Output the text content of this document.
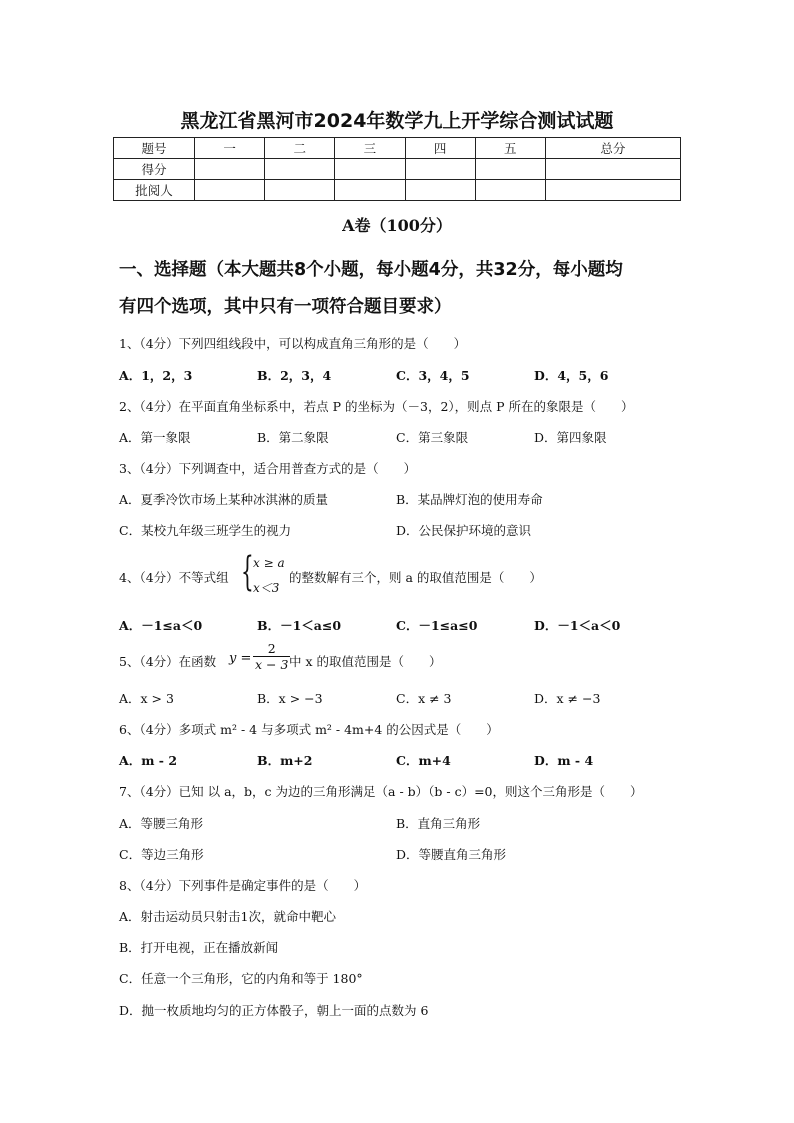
黑龙江省黑河市2024年数学九上开学综合测试试题
题号	一	二	三	四	五	总分
得分						
批阅人						
A卷（100分）
一、选择题（本大题共8个小题，每小题4分，共32分，每小题均
有四个选项，其中只有一项符合题目要求）
1、（4分）下列四组线段中，可以构成直角三角形的是（　　）
A．1，2，3	B．2，3，4	C．3，4，5	D．4，5，6
2、（4分）在平面直角坐标系中，若点 P 的坐标为（－3，2），则点 P 所在的象限是（　　）
A．第一象限	B．第二象限	C．第三象限	D．第四象限
3、（4分）下列调查中，适合用普查方式的是（　　）
A．夏季冷饮市场上某种冰淇淋的质量	B．某品牌灯泡的使用寿命
C．某校九年级三班学生的视力	D．公民保护环境的意识
4、（4分）不等式组 { x ≥ a
x＜3
的整数解有三个，则 a 的取值范围是（　　）
A．－1≤a＜0	B．－1＜a≤0	C．－1≤a≤0	D．－1＜a＜0
5、（4分）在函数 $y = \frac{2}{x - 3}$
中 x 的取值范围是（　　）
A．x > 3	B．x > −3	C．x ≠ 3	D．x ≠ −3
6、（4分）多项式 m² - 4 与多项式 m² - 4m+4 的公因式是（　　）
A．m - 2	B．m+2	C．m+4	D．m - 4
7、（4分）已知 以 a，b，c 为边的三角形满足（a - b）（b - c）=0，则这个三角形是（　　）
A．等腰三角形	B．直角三角形
C．等边三角形	D．等腰直角三角形
8、（4分）下列事件是确定事件的是（　　）
A．射击运动员只射击1次，就命中靶心
B．打开电视，正在播放新闻
C．任意一个三角形，它的内角和等于 180°
D．抛一枚质地均匀的正方体骰子，朝上一面的点数为 6
